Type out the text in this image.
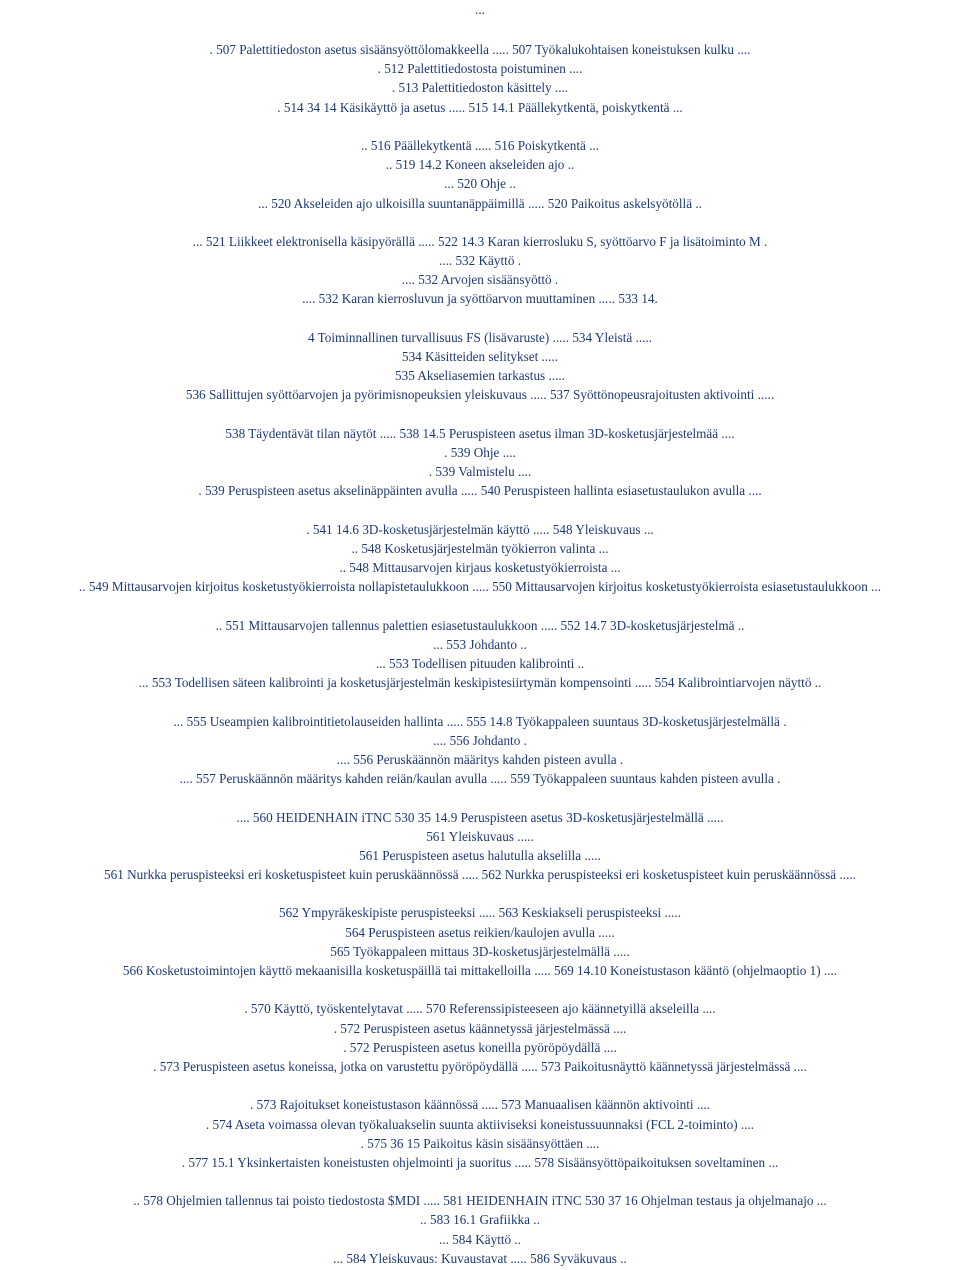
...
. 507 Palettitiedoston asetus sisäänsyöttölomakkeella ..... 507 Työkalukohtaisen koneistuksen kulku ....
. 512 Palettitiedostosta poistuminen ....
. 513 Palettitiedoston käsittely ....
. 514 34 14 Käsikäyttö ja asetus ..... 515 14.1 Päällekytkentä, poiskytkentä ...
.. 516 Päällekytkentä ..... 516 Poiskytkentä ...
.. 519 14.2 Koneen akseleiden ajo ..
... 520 Ohje ..
... 520 Akseleiden ajo ulkoisilla suuntanäppäimillä ..... 520 Paikoitus askelsyötöllä ..
... 521 Liikkeet elektronisella käsipyörällä ..... 522 14.3 Karan kierrosluku S, syöttöarvo F ja lisätoiminto M .
.... 532 Käyttö .
.... 532 Arvojen sisäänsyöttö .
.... 532 Karan kierrosluvun ja syöttöarvon muuttaminen ..... 533 14.
4 Toiminnallinen turvallisuus FS (lisävaruste) ..... 534 Yleistä .....
534 Käsitteiden selitykset .....
535 Akseliasemien tarkastus .....
536 Sallittujen syöttöarvojen ja pyörimisnopeuksien yleiskuvaus ..... 537 Syöttönopeusrajoitusten aktivointi .....
538 Täydentävät tilan näytöt ..... 538 14.5 Peruspisteen asetus ilman 3D-kosketusjärjestelmää ....
. 539 Ohje ....
. 539 Valmistelu ....
. 539 Peruspisteen asetus akselinäppäinten avulla ..... 540 Peruspisteen hallinta esiasetustaulukon avulla ....
. 541 14.6 3D-kosketusjärjestelmän käyttö ..... 548 Yleiskuvaus ...
.. 548 Kosketusjärjestelmän työkierron valinta ...
.. 548 Mittausarvojen kirjaus kosketustyökierroista ...
.. 549 Mittausarvojen kirjoitus kosketustyökierroista nollapistetaulukkoon ..... 550 Mittausarvojen kirjoitus kosketustyökierroista esiasetustaulukkoon ...
.. 551 Mittausarvojen tallennus palettien esiasetustaulukkoon ..... 552 14.7 3D-kosketusjärjestelmä ..
... 553 Johdanto ..
... 553 Todellisen pituuden kalibrointi ..
... 553 Todellisen säteen kalibrointi ja kosketusjärjestelmän keskipistesiirtymän kompensointi ..... 554 Kalibrointiarvojen näyttö ..
... 555 Useampien kalibrointitietolauseiden hallinta ..... 555 14.8 Työkappaleen suuntaus 3D-kosketusjärjestelmällä .
.... 556 Johdanto .
.... 556 Peruskäännön määritys kahden pisteen avulla .
.... 557 Peruskäännön määritys kahden reiän/kaulan avulla ..... 559 Työkappaleen suuntaus kahden pisteen avulla .
.... 560 HEIDENHAIN iTNC 530 35 14.9 Peruspisteen asetus 3D-kosketusjärjestelmällä .....
561 Yleiskuvaus .....
561 Peruspisteen asetus halutulla akselilla .....
561 Nurkka peruspisteeksi eri kosketuspisteet kuin peruskäännössä ..... 562 Nurkka peruspisteeksi eri kosketuspisteet kuin peruskäännössä .....
562 Ympyräkeskipiste peruspisteeksi ..... 563 Keskiakseli peruspisteeksi .....
564 Peruspisteen asetus reikien/kaulojen avulla .....
565 Työkappaleen mittaus 3D-kosketusjärjestelmällä .....
566 Kosketustoimintojen käyttö mekaanisilla kosketuspäillä tai mittakelloilla ..... 569 14.10 Koneistustason kääntö (ohjelmaoptio 1) ....
. 570 Käyttö, työskentelytavat ..... 570 Referenssipisteeseen ajo käännetyillä akseleilla ....
. 572 Peruspisteen asetus käännetyssä järjestelmässä ....
. 572 Peruspisteen asetus koneilla pyöröpöydällä ....
. 573 Peruspisteen asetus koneissa, jotka on varustettu pyöröpöydällä ..... 573 Paikoitusnäyttö käännetyssä järjestelmässä ....
. 573 Rajoitukset koneistustason käännössä ..... 573 Manuaalisen käännön aktivointi ....
. 574 Aseta voimassa olevan työkaluakselin suunta aktiiviseksi koneistussuunnaksi (FCL 2-toiminto) ....
. 575 36 15 Paikoitus käsin sisäänsyöttäen ....
. 577 15.1 Yksinkertaisten koneistusten ohjelmointi ja suoritus ..... 578 Sisäänsyöttöpaikoituksen soveltaminen ...
.. 578 Ohjelmien tallennus tai poisto tiedostosta $MDI ..... 581 HEIDENHAIN iTNC 530 37 16 Ohjelman testaus ja ohjelmanajo ...
.. 583 16.1 Grafiikka ..
... 584 Käyttö ..
... 584 Yleiskuvaus: Kuvaustavat ..... 586 Syväkuvaus ..
